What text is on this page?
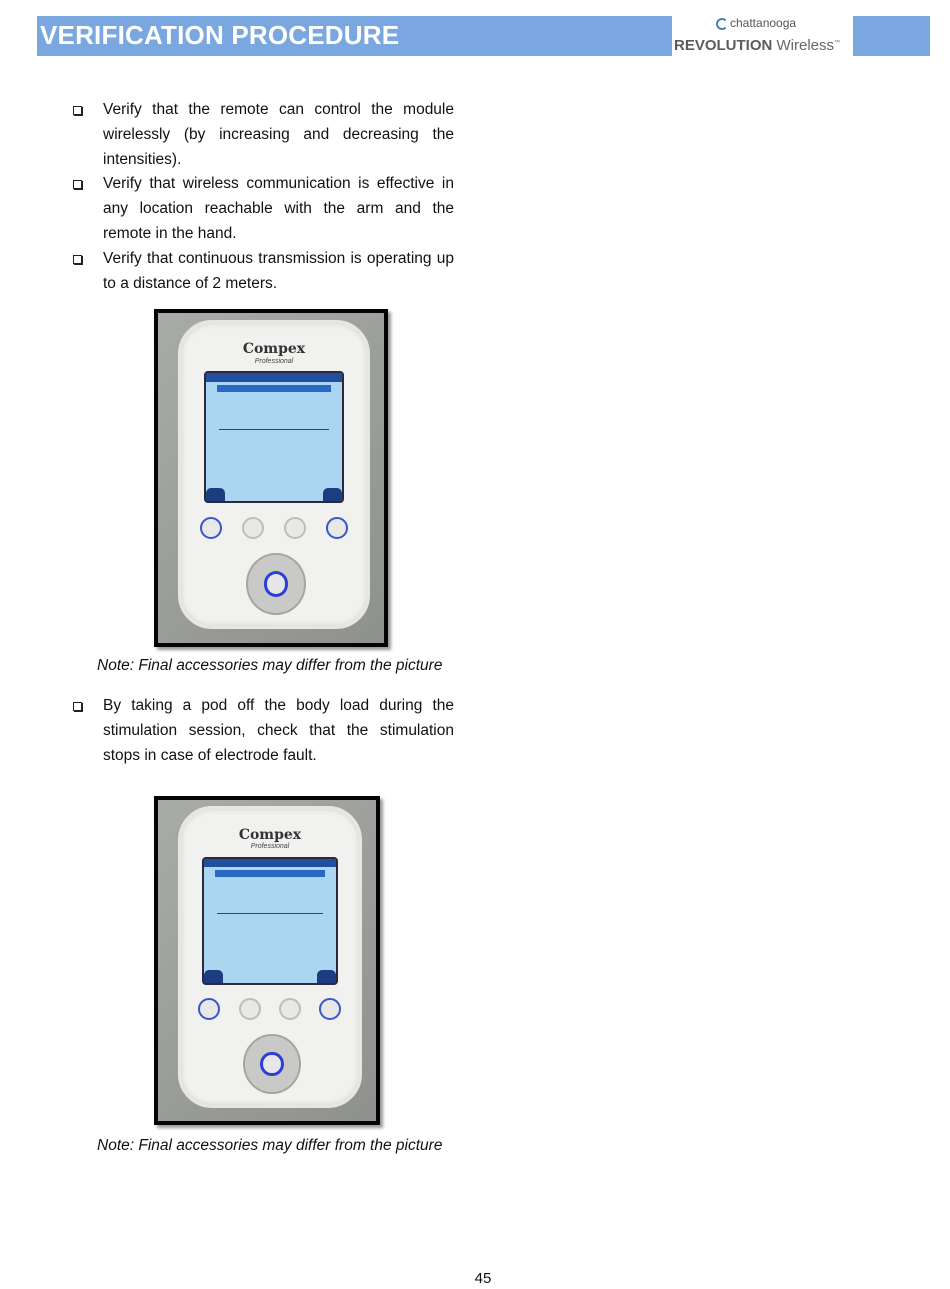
VERIFICATION PROCEDURE	chattanooga
REVOLUTION Wireless™
Verify that the remote can control the module wirelessly (by increasing and decreasing the intensities).
Verify that wireless communication is effective in any location reachable with the arm and the remote in the hand.
Verify that continuous transmission is operating up to a distance of 2 meters.
Compex
Professional
Note: Final accessories may differ from the picture
By taking a pod off the body load during the stimulation session, check that the stimulation stops in case of electrode fault.
Compex
Professional
Note: Final accessories may differ from the picture
45
